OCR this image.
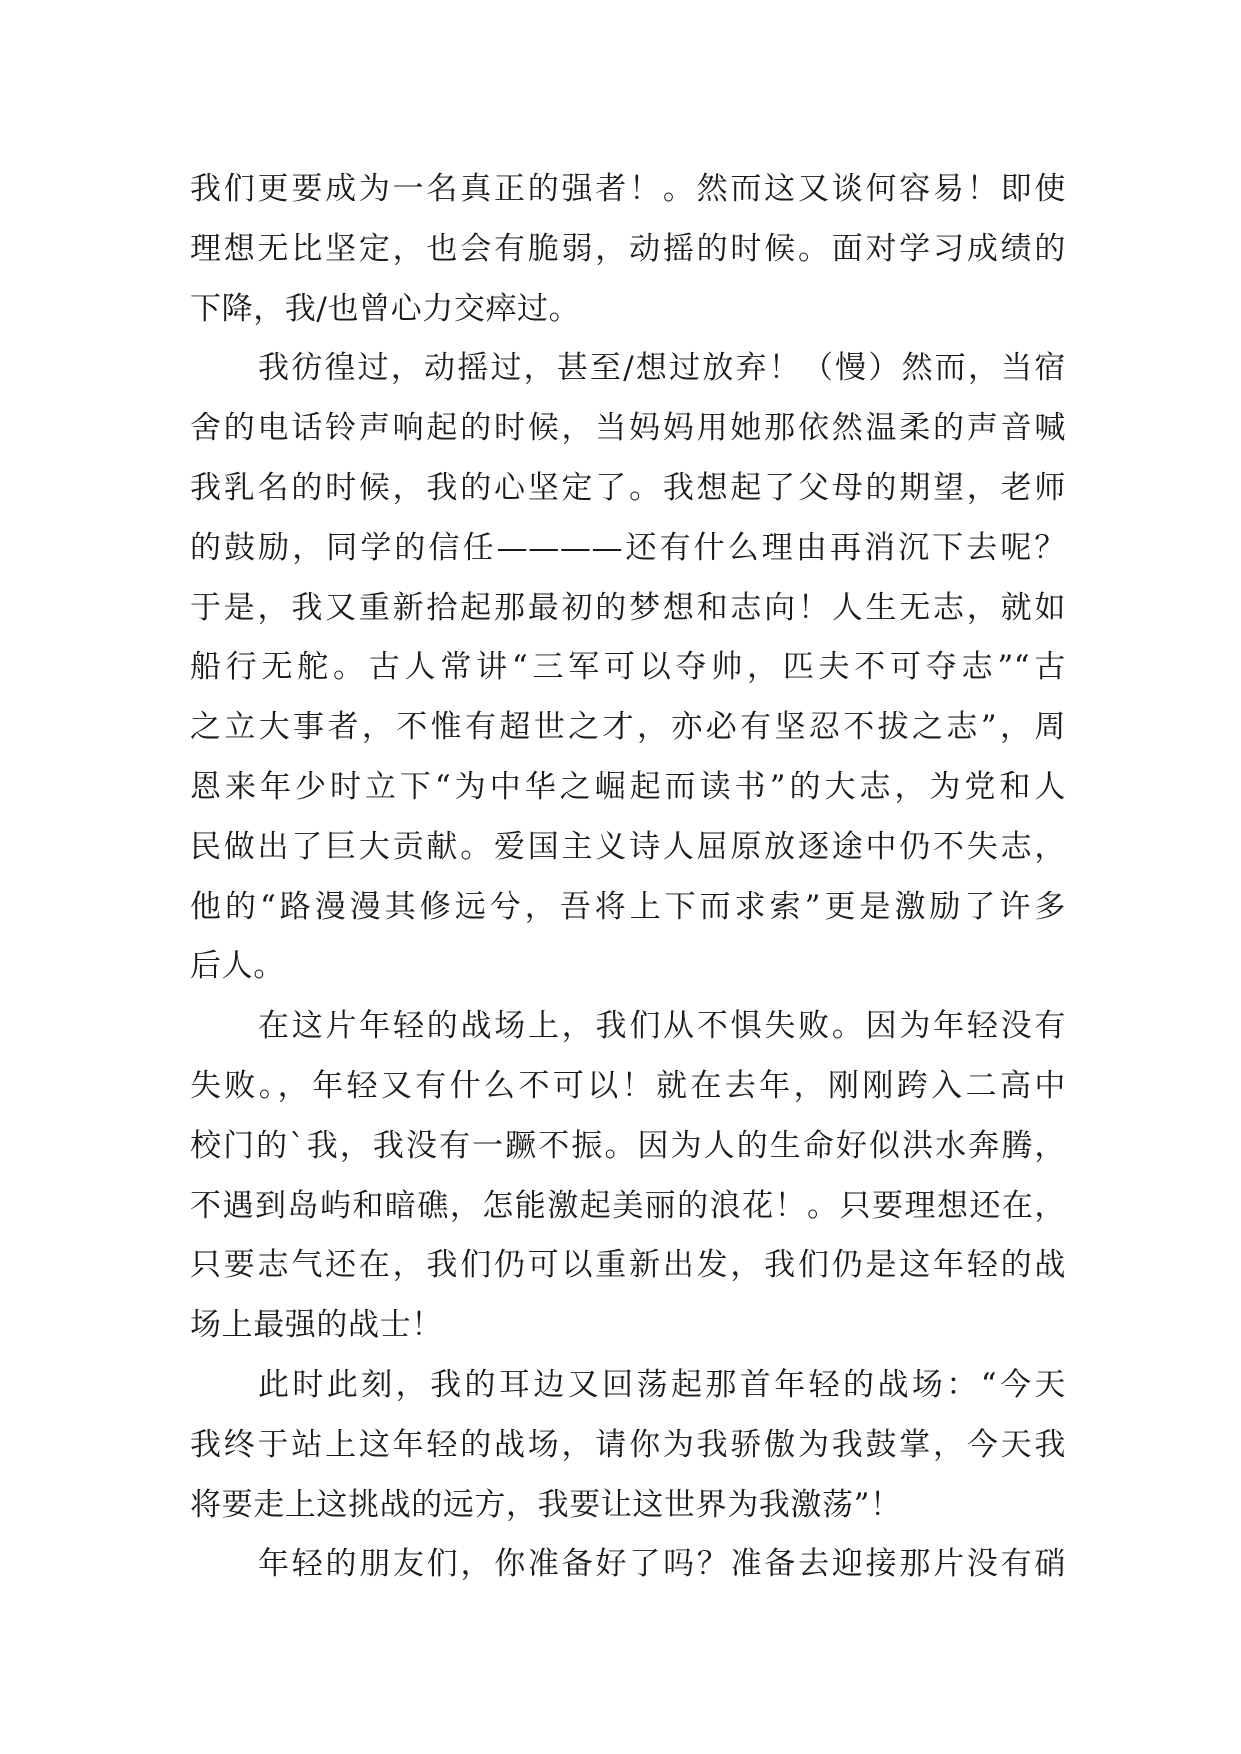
我们更要成为一名真正的强者！。然而这又谈何容易！即使
理想无比坚定，也会有脆弱，动摇的时候。面对学习成绩的
下降，我/也曾心力交瘁过。
我彷徨过，动摇过，甚至/想过放弃！（慢）然而，当宿
舍的电话铃声响起的时候，当妈妈用她那依然温柔的声音喊
我乳名的时候，我的心坚定了。我想起了父母的期望，老师
的鼓励，同学的信任————还有什么理由再消沉下去呢？
于是，我又重新拾起那最初的梦想和志向！人生无志，就如
船行无舵。古人常讲“三军可以夺帅，匹夫不可夺志”“古
之立大事者，不惟有超世之才，亦必有坚忍不拔之志”，周
恩来年少时立下“为中华之崛起而读书”的大志，为党和人
民做出了巨大贡献。爱国主义诗人屈原放逐途中仍不失志，
他的“路漫漫其修远兮，吾将上下而求索”更是激励了许多
后人。
在这片年轻的战场上，我们从不惧失败。因为年轻没有
失败。，年轻又有什么不可以！就在去年，刚刚跨入二高中
校门的`我，我没有一蹶不振。因为人的生命好似洪水奔腾，
不遇到岛屿和暗礁，怎能激起美丽的浪花！。只要理想还在，
只要志气还在，我们仍可以重新出发，我们仍是这年轻的战
场上最强的战士！
此时此刻，我的耳边又回荡起那首年轻的战场：“今天
我终于站上这年轻的战场，请你为我骄傲为我鼓掌，今天我
将要走上这挑战的远方，我要让这世界为我激荡”！
年轻的朋友们，你准备好了吗？准备去迎接那片没有硝
